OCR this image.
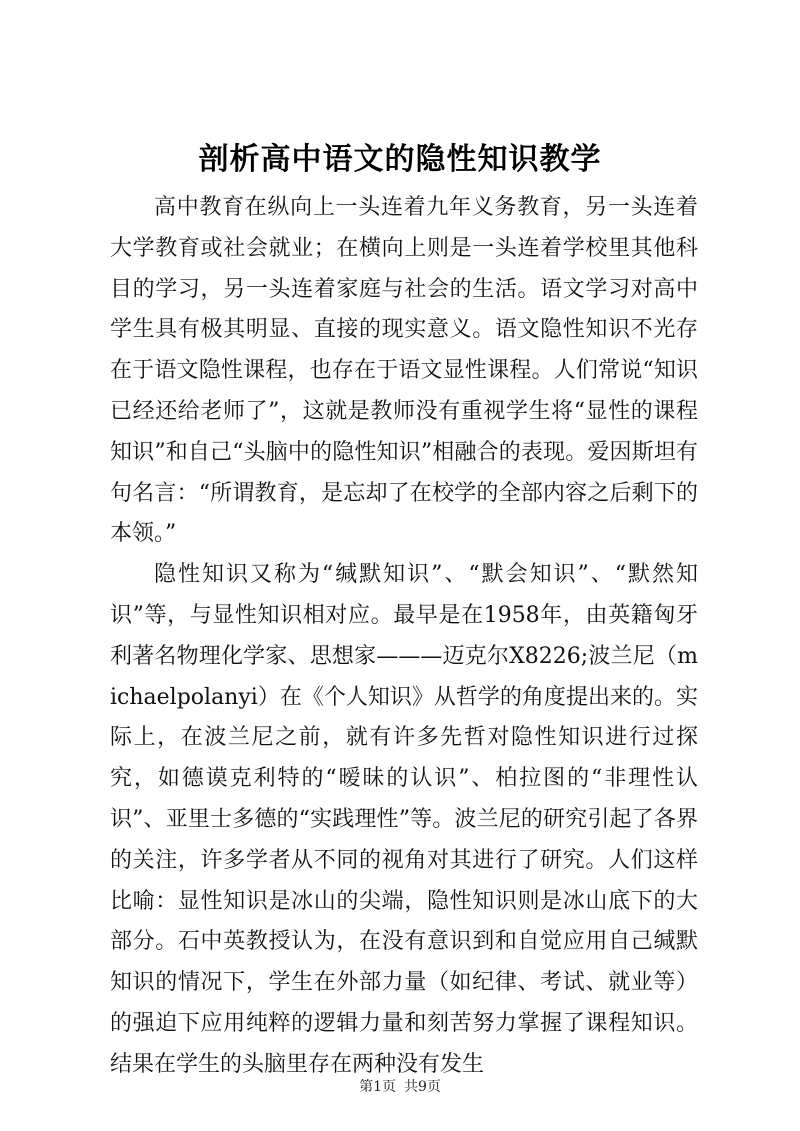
剖析高中语文的隐性知识教学

高中教育在纵向上一头连着九年义务教育，另一头连着大学教育或社会就业；在横向上则是一头连着学校里其他科目的学习，另一头连着家庭与社会的生活。语文学习对高中学生具有极其明显、直接的现实意义。语文隐性知识不光存在于语文隐性课程，也存在于语文显性课程。人们常说“知识已经还给老师了”，这就是教师没有重视学生将“显性的课程知识”和自己“头脑中的隐性知识”相融合的表现。爱因斯坦有句名言：“所谓教育，是忘却了在校学的全部内容之后剩下的本领。”

隐性知识又称为“缄默知识”、“默会知识”、“默然知识”等，与显性知识相对应。最早是在1958年，由英籍匈牙利著名物理化学家、思想家———迈克尔X8226;波兰尼（michaelpolanyi）在《个人知识》从哲学的角度提出来的。实际上，在波兰尼之前，就有许多先哲对隐性知识进行过探究，如德谟克利特的“暧昧的认识”、柏拉图的“非理性认识”、亚里士多德的“实践理性”等。波兰尼的研究引起了各界的关注，许多学者从不同的视角对其进行了研究。人们这样比喻：显性知识是冰山的尖端，隐性知识则是冰山底下的大部分。石中英教授认为，在没有意识到和自觉应用自己缄默知识的情况下，学生在外部力量（如纪律、考试、就业等）的强迫下应用纯粹的逻辑力量和刻苦努力掌握了课程知识。结果在学生的头脑里存在两种没有发生

第1页 共9页
